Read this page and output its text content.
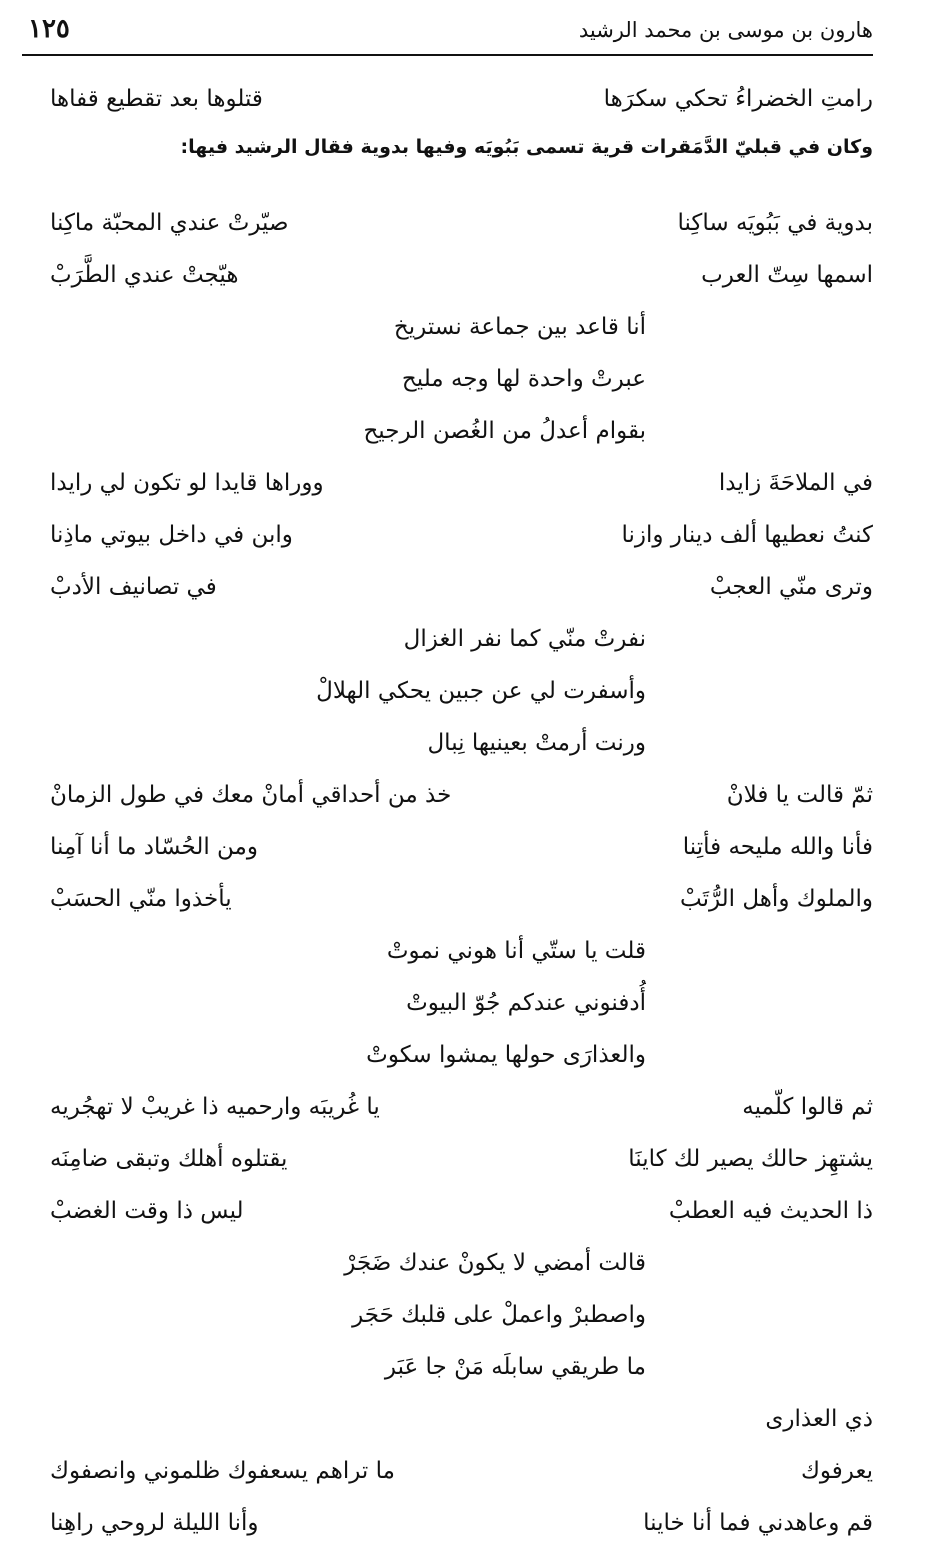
١٢٥	هارون بن موسى بن محمد الرشيد
رامتِ الخضراءُ تحكي سكرَها
قتلوها بعد تقطيع قفاها
وكان في قبليّ الدَّمَقرات قرية تسمى بَبُويَه وفيها بدوية فقال الرشيد فيها:
بدوية في بَبُويَه ساكِنا
صيّرتْ عندي المحبّة ماكِنا
اسمها سِتّ العرب
هيّجتْ عندي الطَّرَبْ
أنا قاعد بين جماعة نستريخ
عبرتْ واحدة لها وجه مليح
بقوام أعدلُ من الغُصن الرجيح
في الملاحَةَ زايدا
ووراها قايدا لو تكون لي رايدا
كنتُ نعطيها ألف دينار وازنا
وابن في داخل بيوتي ماذِنا
وترى منّي العجبْ
في تصانيف الأدبْ
نفرتْ منّي كما نفر الغزال
وأسفرت لي عن جبين يحكي الهلالْ
ورنت أرمتْ بعينيها نِبال
ثمّ قالت يا فلانْ
خذ من أحداقي أمانْ معك في طول الزمانْ
فأنا والله مليحه فأتِنا
ومن الحُسّاد ما أنا آمِنا
والملوك وأهل الرُّتَبْ
يأخذوا منّي الحسَبْ
قلت يا ستّي أنا هوني نموتْ
أُدفنوني عندكم جُوّ البيوتْ
والعذارَى حولها يمشوا سكوتْ
ثم قالوا كلّميه
يا غُريبَه وارحميه ذا غريبْ لا تهجُريه
يشتهِز حالك يصير لك كاينَا
يقتلوه أهلك وتبقى ضامِنَه
ذا الحديث فيه العطبْ
ليس ذا وقت الغضبْ
قالت أمضي لا يكونْ عندك ضَجَرْ
واصطبرْ واعملْ على قلبك حَجَر
ما طريقي سابلَه مَنْ جا عَبَر
ذي العذارى
يعرفوك
ما تراهم يسعفوك ظلموني وانصفوك
قم وعاهدني فما أنا خاينا
وأنا الليلة لروحي راهِنا
